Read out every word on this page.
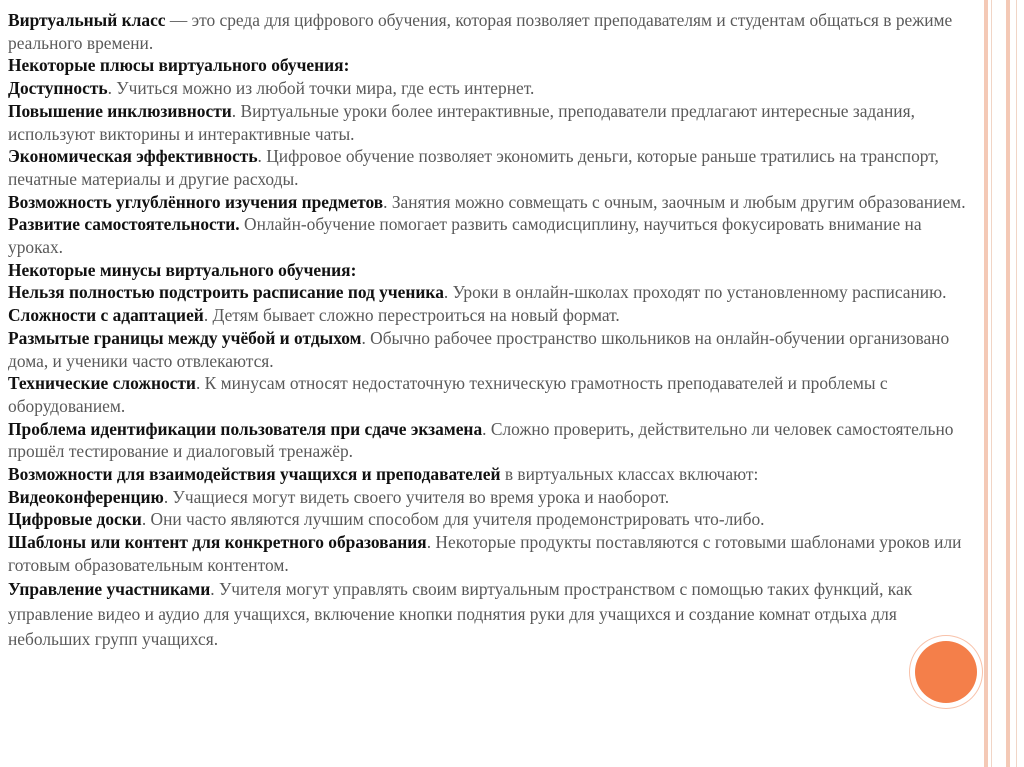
Виртуальный класс — это среда для цифрового обучения, которая позволяет преподавателям и студентам общаться в режиме реального времени.

Некоторые плюсы виртуального обучения:

Доступность. Учиться можно из любой точки мира, где есть интернет.

Повышение инклюзивности. Виртуальные уроки более интерактивные, преподаватели предлагают интересные задания, используют викторины и интерактивные чаты.

Экономическая эффективность. Цифровое обучение позволяет экономить деньги, которые раньше тратились на транспорт, печатные материалы и другие расходы.

Возможность углублённого изучения предметов. Занятия можно совмещать с очным, заочным и любым другим образованием.

Развитие самостоятельности. Онлайн-обучение помогает развить самодисциплину, научиться фокусировать внимание на уроках.

Некоторые минусы виртуального обучения:

Нельзя полностью подстроить расписание под ученика. Уроки в онлайн-школах проходят по установленному расписанию.

Сложности с адаптацией. Детям бывает сложно перестроиться на новый формат.

Размытые границы между учёбой и отдыхом. Обычно рабочее пространство школьников на онлайн-обучении организовано дома, и ученики часто отвлекаются.

Технические сложности. К минусам относят недостаточную техническую грамотность преподавателей и проблемы с оборудованием.

Проблема идентификации пользователя при сдаче экзамена. Сложно проверить, действительно ли человек самостоятельно прошёл тестирование и диалоговый тренажёр.

Возможности для взаимодействия учащихся и преподавателей в виртуальных классах включают:

Видеоконференцию. Учащиеся могут видеть своего учителя во время урока и наоборот.

Цифровые доски. Они часто являются лучшим способом для учителя продемонстрировать что-либо.

Шаблоны или контент для конкретного образования. Некоторые продукты поставляются с готовыми шаблонами уроков или готовым образовательным контентом.

Управление участниками. Учителя могут управлять своим виртуальным пространством с помощью таких функций, как управление видео и аудио для учащихся, включение кнопки поднятия руки для учащихся и создание комнат отдыха для небольших групп учащихся.
